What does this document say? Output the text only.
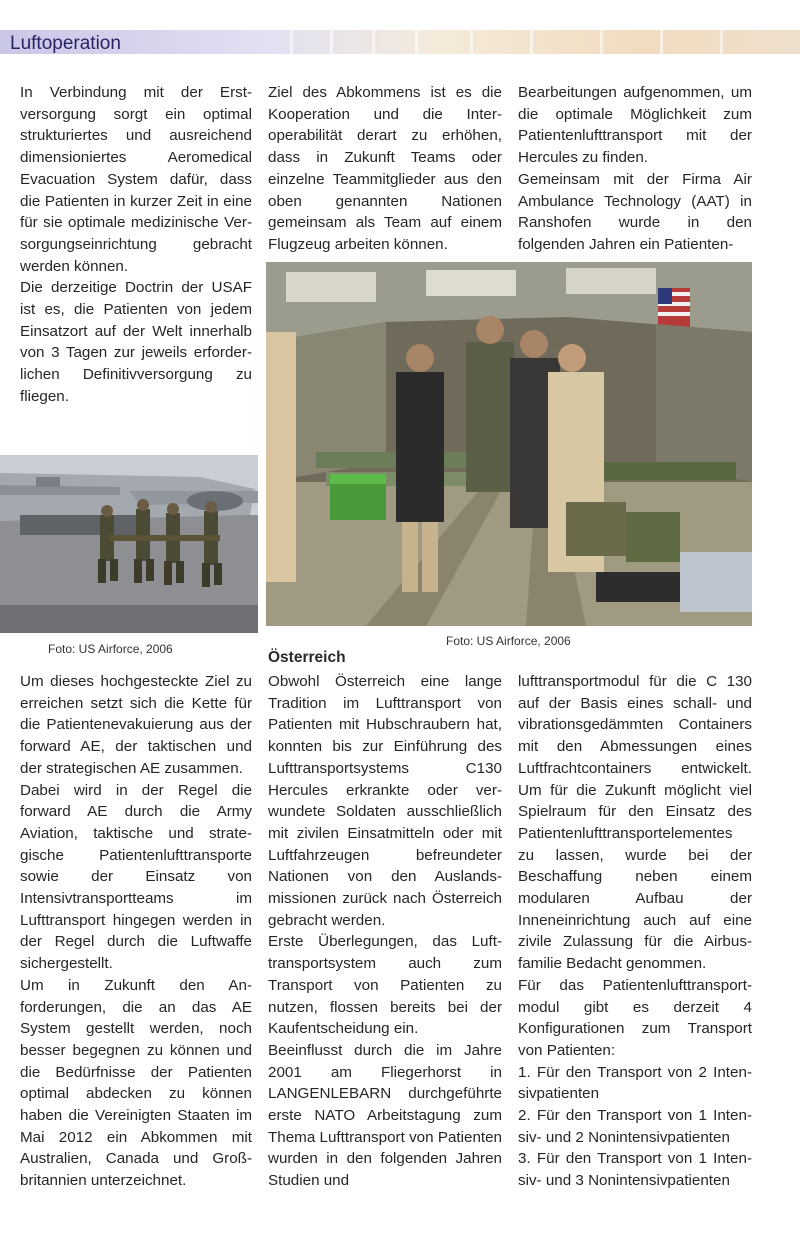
Luftoperation

In Verbindung mit der Erstversorgung sorgt ein optimal strukturiertes und ausreichend dimensioniertes Aeromedical Evacuation System dafür, dass die Patienten in kurzer Zeit in eine für sie optimale medizinische Versorgungseinrichtung gebracht werden können.

Die derzeitige Doctrin der USAF ist es, die Patienten von jedem Einsatzort auf der Welt innerhalb von 3 Tagen zur jeweils erforderlichen Definitivversorgung zu fliegen.

Ziel des Abkommens ist es die Kooperation und die Interoperabilität derart zu erhöhen, dass in Zukunft Teams oder einzelne Teammitglieder aus den oben genannten Nationen gemeinsam als Team auf einem Flugzeug arbeiten können.

Bearbeitungen aufgenommen, um die optimale Möglichkeit zum Patientenlufttransport mit der Hercules zu finden.

Gemeinsam mit der Firma Air Ambulance Technology (AAT) in Ranshofen wurde in den folgenden Jahren ein Patienten-

Foto: US Airforce, 2006

Foto: US Airforce, 2006

Um dieses hochgesteckte Ziel zu erreichen setzt sich die Kette für die Patientenevakuierung aus der forward AE, der taktischen und der strategischen AE zusammen.

Dabei wird in der Regel die forward AE durch die Army Aviation, taktische und strategische Patientenlufttransporte sowie der Einsatz von Intensivtransportteams im Lufttransport hingegen werden in der Regel durch die Luftwaffe sichergestellt.

Um in Zukunft den Anforderungen, die an das AE System gestellt werden, noch besser begegnen zu können und die Bedürfnisse der Patienten optimal abdecken zu können haben die Vereinigten Staaten im Mai 2012 ein Abkommen mit Australien, Canada und Großbritannien unterzeichnet.

Österreich

Obwohl Österreich eine lange Tradition im Lufttransport von Patienten mit Hubschraubern hat, konnten bis zur Einführung des Lufttransportsystems C130 Hercules erkrankte oder verwundete Soldaten ausschließlich mit zivilen Einsatmitteln oder mit Luftfahrzeugen befreundeter Nationen von den Auslandsmissionen zurück nach Österreich gebracht werden.

Erste Überlegungen, das Lufttransportsystem auch zum Transport von Patienten zu nutzen, flossen bereits bei der Kaufentscheidung ein.

Beeinflusst durch die im Jahre 2001 am Fliegerhorst in LANGENLEBARN durchgeführte erste NATO Arbeitstagung zum Thema Lufttransport von Patienten wurden in den folgenden Jahren Studien und

lufttransportmodul für die C 130 auf der Basis eines schall- und vibrationsgedämmten Containers mit den Abmessungen eines Luftfrachtcontainers entwickelt. Um für die Zukunft möglicht viel Spielraum für den Einsatz des Patientenlufttransportelementes zu lassen, wurde bei der Beschaffung neben einem modularen Aufbau der Inneneinrichtung auch auf eine zivile Zulassung für die Airbusfamilie Bedacht genommen.

Für das Patientenlufttransportmodul gibt es derzeit 4 Konfigurationen zum Transport von Patienten:

1. Für den Transport von 2 Intensivpatienten

2. Für den Transport von 1 Intensiv- und 2 Nonintensivpatienten

3. Für den Transport von 1 Intensiv- und 3 Nonintensivpatienten
